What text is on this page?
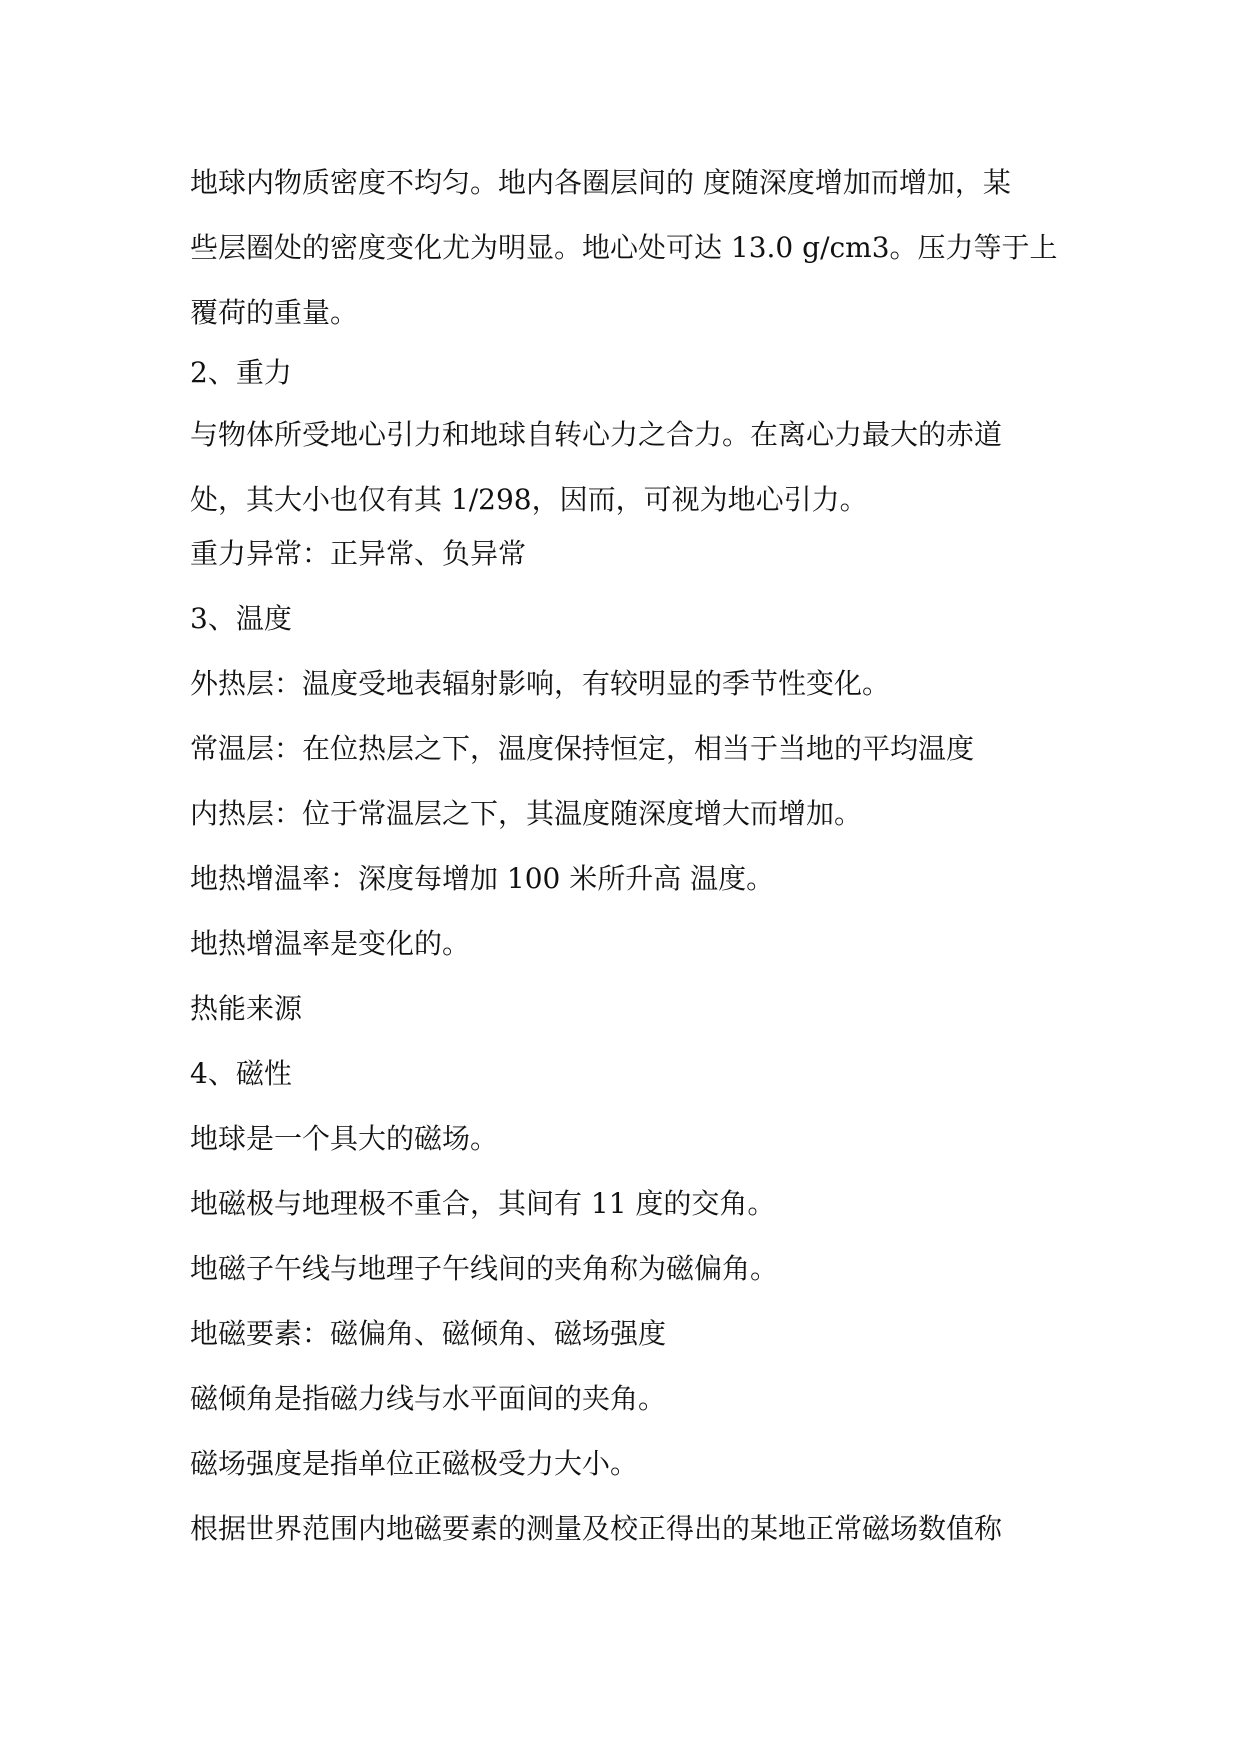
地球内物质密度不均匀。地内各圈层间的 度随深度增加而增加，某
些层圈处的密度变化尤为明显。地心处可达 13.0 g/cm3。压力等于上
覆荷的重量。

2、重力

与物体所受地心引力和地球自转心力之合力。在离心力最大的赤道
处，其大小也仅有其 1/298，因而，可视为地心引力。

重力异常：正异常、负异常

3、温度

外热层：温度受地表辐射影响，有较明显的季节性变化。

常温层：在位热层之下，温度保持恒定，相当于当地的平均温度

内热层：位于常温层之下，其温度随深度增大而增加。

地热增温率：深度每增加 100 米所升高 温度。

地热增温率是变化的。

热能来源

4、磁性

地球是一个具大的磁场。

地磁极与地理极不重合，其间有 11 度的交角。

地磁子午线与地理子午线间的夹角称为磁偏角。

地磁要素：磁偏角、磁倾角、磁场强度

磁倾角是指磁力线与水平面间的夹角。

磁场强度是指单位正磁极受力大小。

根据世界范围内地磁要素的测量及校正得出的某地正常磁场数值称
